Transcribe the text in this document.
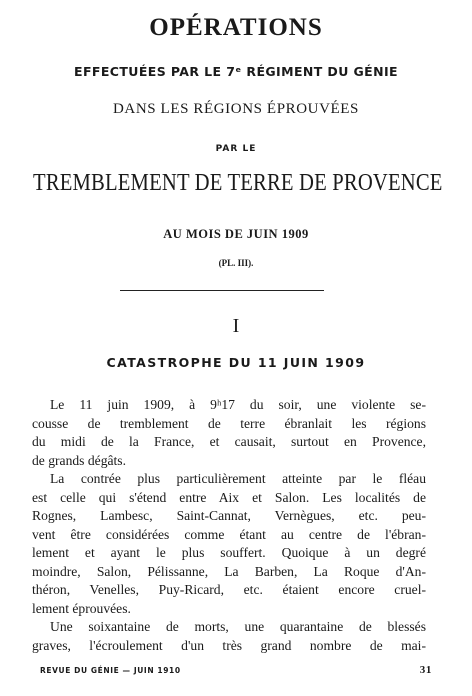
OPÉRATIONS
EFFECTUÉES PAR LE 7ᵉ RÉGIMENT DU GÉNIE
DANS LES RÉGIONS ÉPROUVÉES
PAR LE
TREMBLEMENT DE TERRE DE PROVENCE
AU MOIS DE JUIN 1909
(PL. III).
I
CATASTROPHE DU 11 JUIN 1909
Le 11 juin 1909, à 9ʰ17 du soir, une violente se-
cousse de tremblement de terre ébranlait les régions
du midi de la France, et causait, surtout en Provence,
de grands dégâts.
La contrée plus particulièrement atteinte par le fléau
est celle qui s'étend entre Aix et Salon. Les localités de
Rognes, Lambesc, Saint-Cannat, Vernègues, etc. peu-
vent être considérées comme étant au centre de l'ébran-
lement et ayant le plus souffert. Quoique à un degré
moindre, Salon, Pélissanne, La Barben, La Roque d'An-
théron, Venelles, Puy-Ricard, etc. étaient encore cruel-
lement éprouvées.
Une soixantaine de morts, une quarantaine de blessés
graves, l'écroulement d'un très grand nombre de mai-
REVUE DU GÉNIE — JUIN 1910	31
